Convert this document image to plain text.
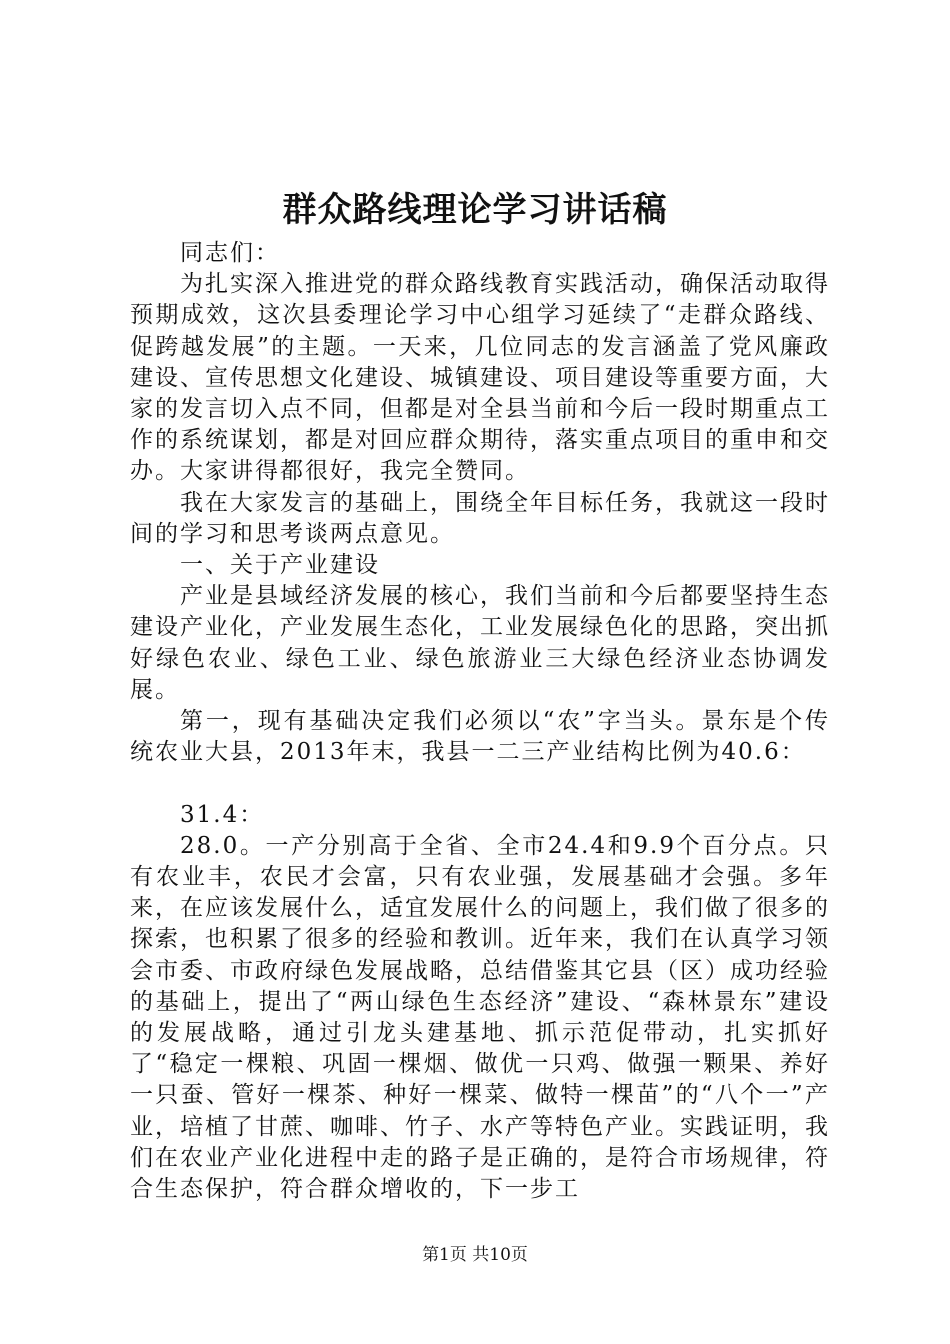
群众路线理论学习讲话稿

同志们：

为扎实深入推进党的群众路线教育实践活动，确保活动取得预期成效，这次县委理论学习中心组学习延续了“走群众路线、促跨越发展”的主题。一天来，几位同志的发言涵盖了党风廉政建设、宣传思想文化建设、城镇建设、项目建设等重要方面，大家的发言切入点不同，但都是对全县当前和今后一段时期重点工作的系统谋划，都是对回应群众期待，落实重点项目的重申和交办。大家讲得都很好，我完全赞同。

我在大家发言的基础上，围绕全年目标任务，我就这一段时间的学习和思考谈两点意见。

一、关于产业建设

产业是县域经济发展的核心，我们当前和今后都要坚持生态建设产业化，产业发展生态化，工业发展绿色化的思路，突出抓好绿色农业、绿色工业、绿色旅游业三大绿色经济业态协调发展。

第一，现有基础决定我们必须以“农”字当头。景东是个传统农业大县，2013年末，我县一二三产业结构比例为40.6：

31.4：

28.0。一产分别高于全省、全市24.4和9.9个百分点。只有农业丰，农民才会富，只有农业强，发展基础才会强。多年来，在应该发展什么，适宜发展什么的问题上，我们做了很多的探索，也积累了很多的经验和教训。近年来，我们在认真学习领会市委、市政府绿色发展战略，总结借鉴其它县（区）成功经验的基础上，提出了“两山绿色生态经济”建设、“森林景东”建设的发展战略，通过引龙头建基地、抓示范促带动，扎实抓好了“稳定一棵粮、巩固一棵烟、做优一只鸡、做强一颗果、养好一只蚕、管好一棵茶、种好一棵菜、做特一棵苗”的“八个一”产业，培植了甘蔗、咖啡、竹子、水产等特色产业。实践证明，我们在农业产业化进程中走的路子是正确的，是符合市场规律，符合生态保护，符合群众增收的，下一步工

第1页 共10页
